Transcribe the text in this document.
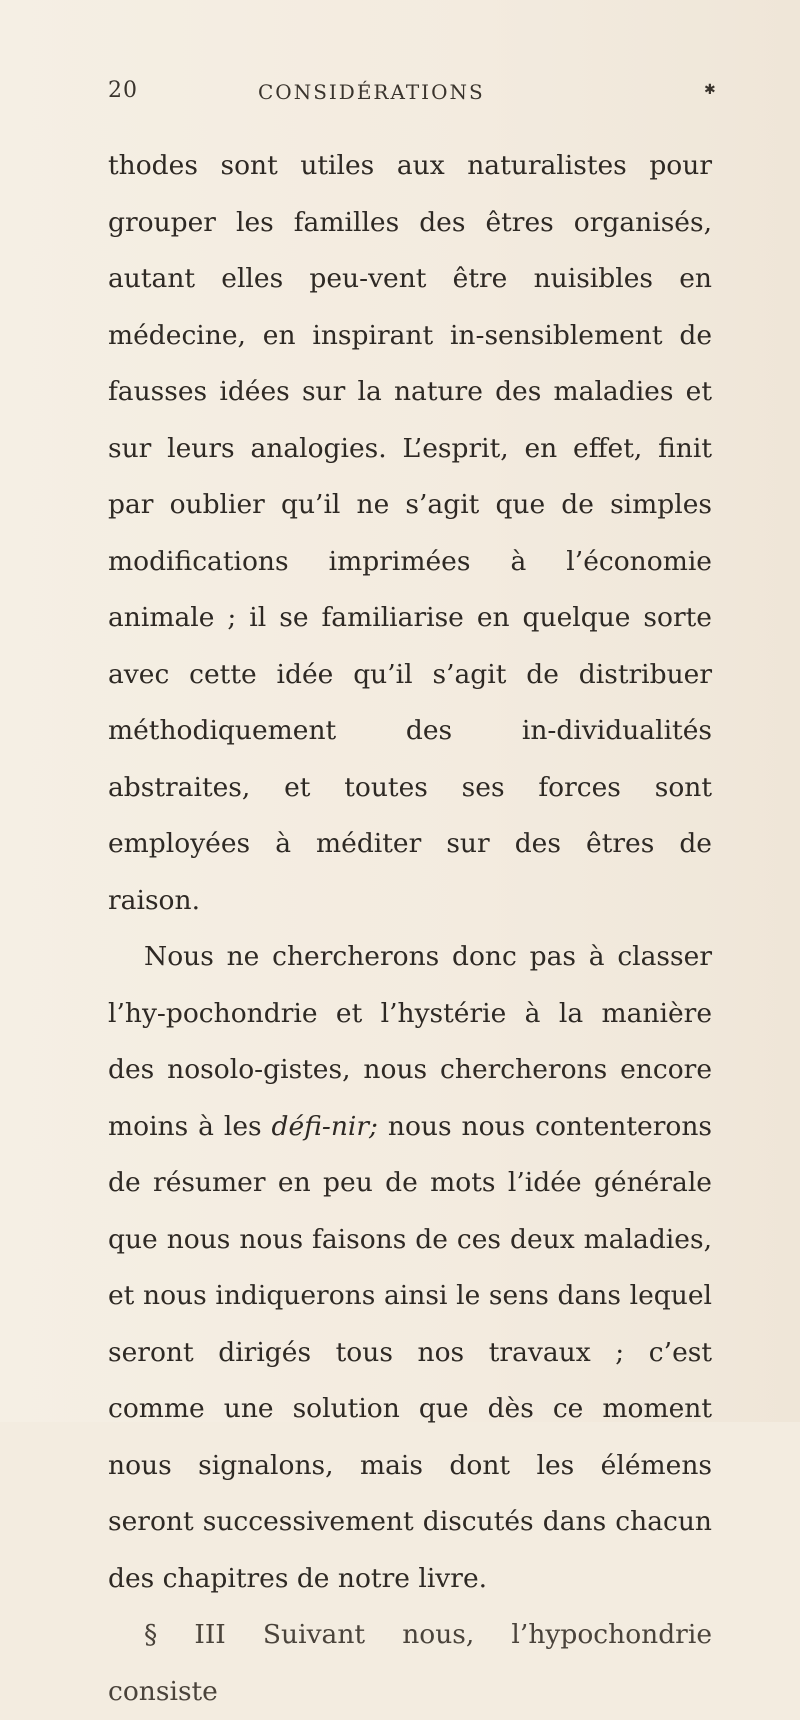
20	CONSIDÉRATIONS	✱

thodes sont utiles aux naturalistes pour grouper les familles des êtres organisés, autant elles peu-vent être nuisibles en médecine, en inspirant in-sensiblement de fausses idées sur la nature des maladies et sur leurs analogies. L’esprit, en effet, finit par oublier qu’il ne s’agit que de simples modifications imprimées à l’économie animale ; il se familiarise en quelque sorte avec cette idée qu’il s’agit de distribuer méthodiquement des in-dividualités abstraites, et toutes ses forces sont employées à méditer sur des êtres de raison.

Nous ne chercherons donc pas à classer l’hy-pochondrie et l’hystérie à la manière des nosolo-gistes, nous chercherons encore moins à les défi-nir; nous nous contenterons de résumer en peu de mots l’idée générale que nous nous faisons de ces deux maladies, et nous indiquerons ainsi le sens dans lequel seront dirigés tous nos travaux ; c’est comme une solution que dès ce moment nous signalons, mais dont les élémens seront successivement discutés dans chacun des chapitres de notre livre.

§ III Suivant nous, l’hypochondrie consiste
